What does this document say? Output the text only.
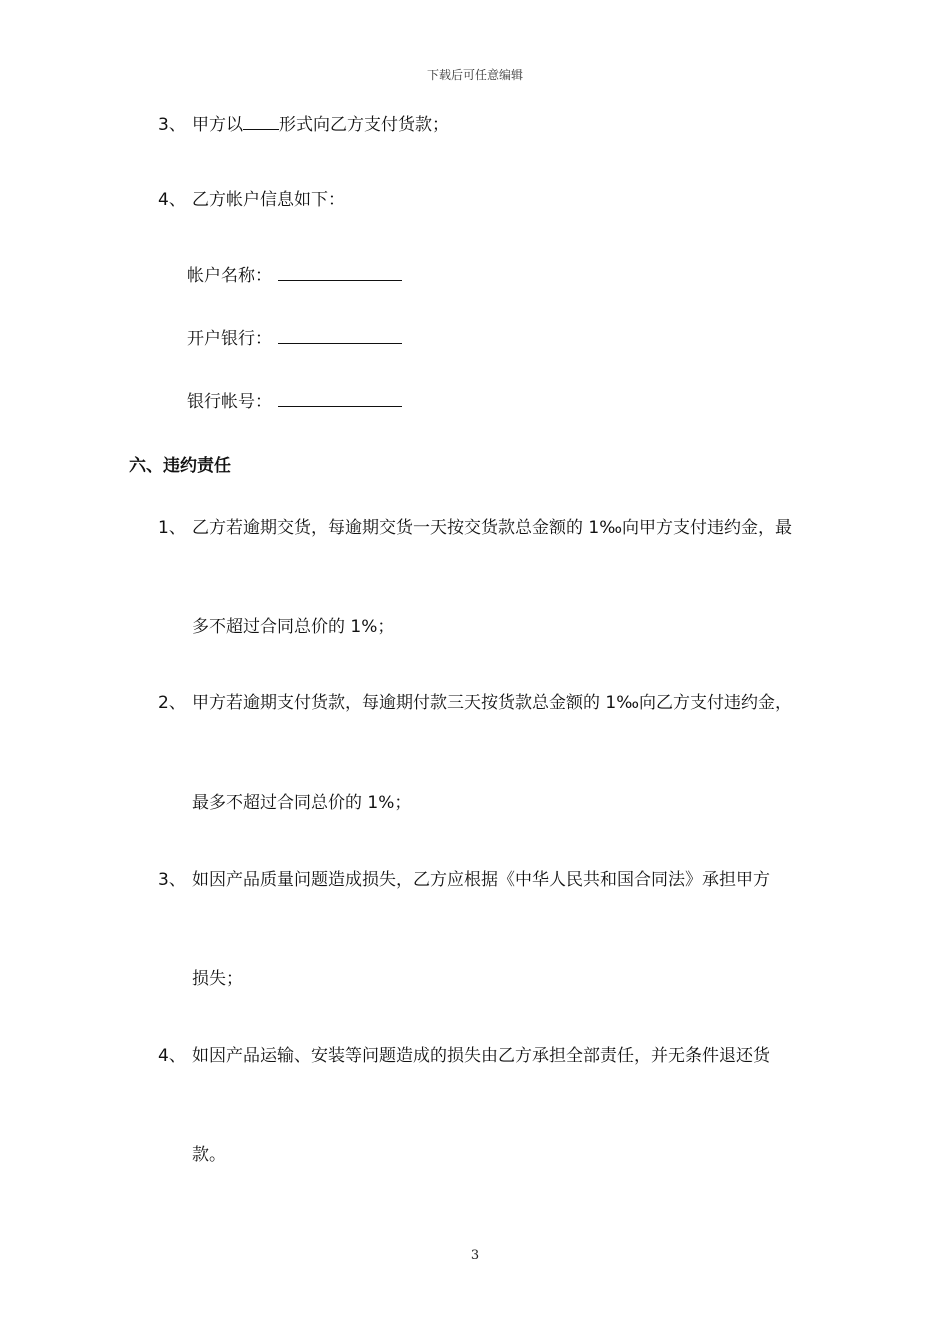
下载后可任意编辑
3、 甲方以 形式向乙方支付货款；
4、 乙方帐户信息如下：
帐户名称：
开户银行：
银行帐号：
六、违约责任
1、 乙方若逾期交货，每逾期交货一天按交货款总金额的 1‰向甲方支付违约金，最
多不超过合同总价的 1%；
2、 甲方若逾期支付货款，每逾期付款三天按货款总金额的 1‰向乙方支付违约金，
最多不超过合同总价的 1%；
3、 如因产品质量问题造成损失，乙方应根据《中华人民共和国合同法》承担甲方
损失；
4、 如因产品运输、安装等问题造成的损失由乙方承担全部责任，并无条件退还货
款。
3
